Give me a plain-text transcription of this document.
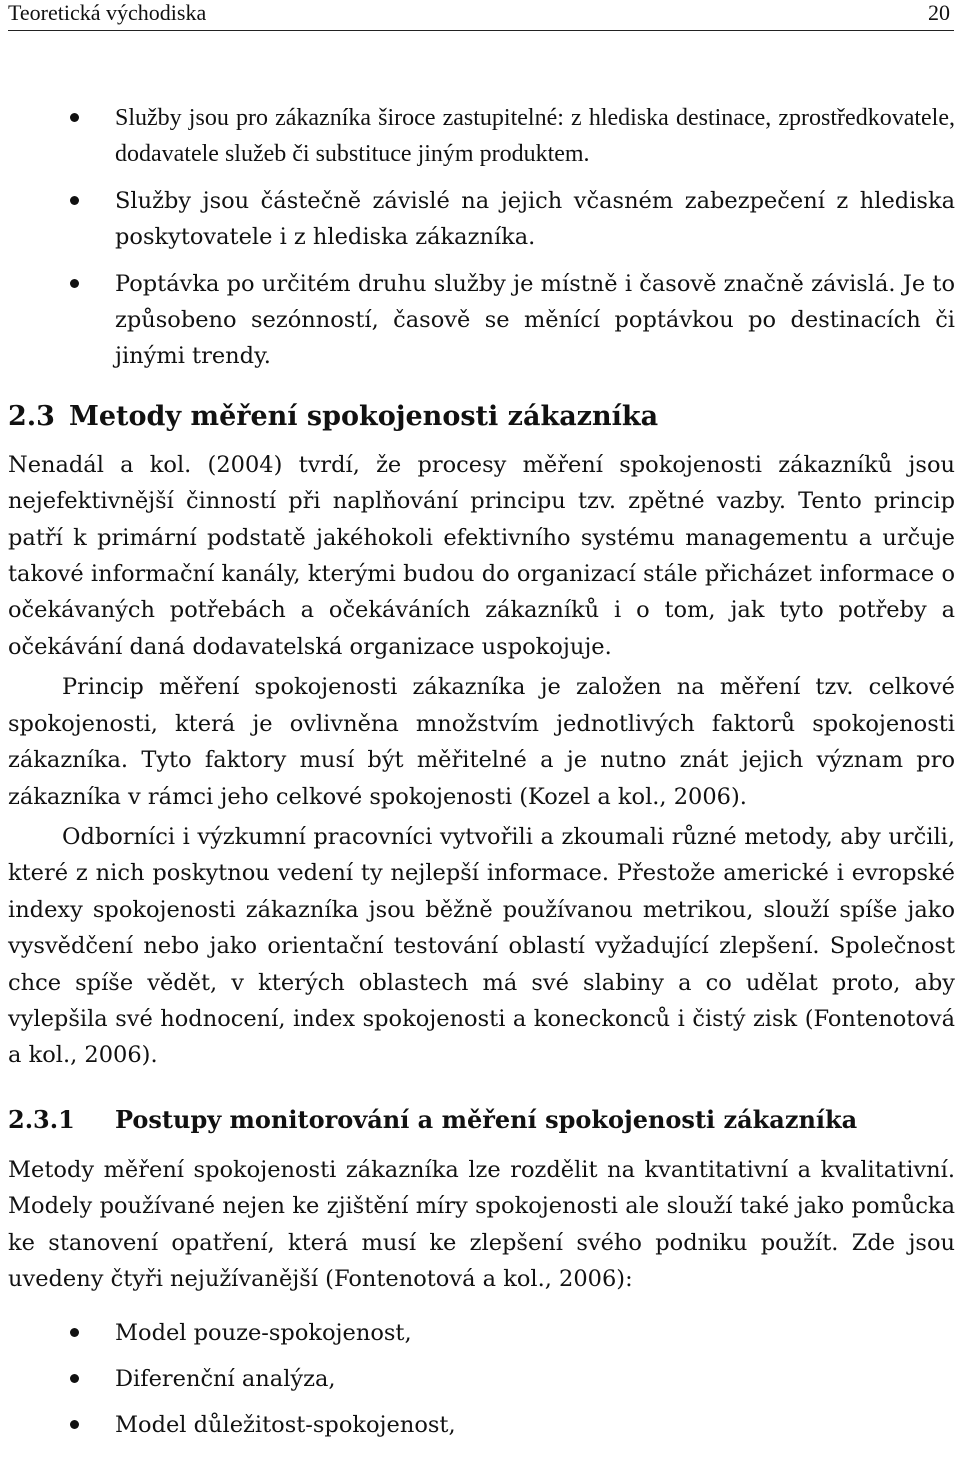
Teoretická východiska	20
Služby jsou pro zákazníka široce zastupitelné: z hlediska destinace, zprostředkovatele, dodavatele služeb či substituce jiným produktem.
Služby jsou částečně závislé na jejich včasném zabezpečení z hlediska poskytovatele i z hlediska zákazníka.
Poptávka po určitém druhu služby je místně i časově značně závislá. Je to způsobeno sezónností, časově se měnící poptávkou po destinacích či jinými trendy.
2.3 Metody měření spokojenosti zákazníka

Nenadál a kol. (2004) tvrdí, že procesy měření spokojenosti zákazníků jsou nejefektivnější činností při naplňování principu tzv. zpětné vazby. Tento princip patří k primární podstatě jakéhokoli efektivního systému managementu a určuje takové informační kanály, kterými budou do organizací stále přicházet informace o očekávaných potřebách a očekáváních zákazníků i o tom, jak tyto potřeby a očekávání daná dodavatelská organizace uspokojuje.

Princip měření spokojenosti zákazníka je založen na měření tzv. celkové spokojenosti, která je ovlivněna množstvím jednotlivých faktorů spokojenosti zákazníka. Tyto faktory musí být měřitelné a je nutno znát jejich význam pro zákazníka v rámci jeho celkové spokojenosti (Kozel a kol., 2006).

Odborníci i výzkumní pracovníci vytvořili a zkoumali různé metody, aby určili, které z nich poskytnou vedení ty nejlepší informace. Přestože americké i evropské indexy spokojenosti zákazníka jsou běžně používanou metrikou, slouží spíše jako vysvědčení nebo jako orientační testování oblastí vyžadující zlepšení. Společnost chce spíše vědět, v kterých oblastech má své slabiny a co udělat proto, aby vylepšila své hodnocení, index spokojenosti a koneckonců i čistý zisk (Fontenotová a kol., 2006).

2.3.1 Postupy monitorování a měření spokojenosti zákazníka

Metody měření spokojenosti zákazníka lze rozdělit na kvantitativní a kvalitativní. Modely používané nejen ke zjištění míry spokojenosti ale slouží také jako pomůcka ke stanovení opatření, která musí ke zlepšení svého podniku použít. Zde jsou uvedeny čtyři nejužívanější (Fontenotová a kol., 2006):

Model pouze-spokojenost,
Diferenční analýza,
Model důležitost-spokojenost,
